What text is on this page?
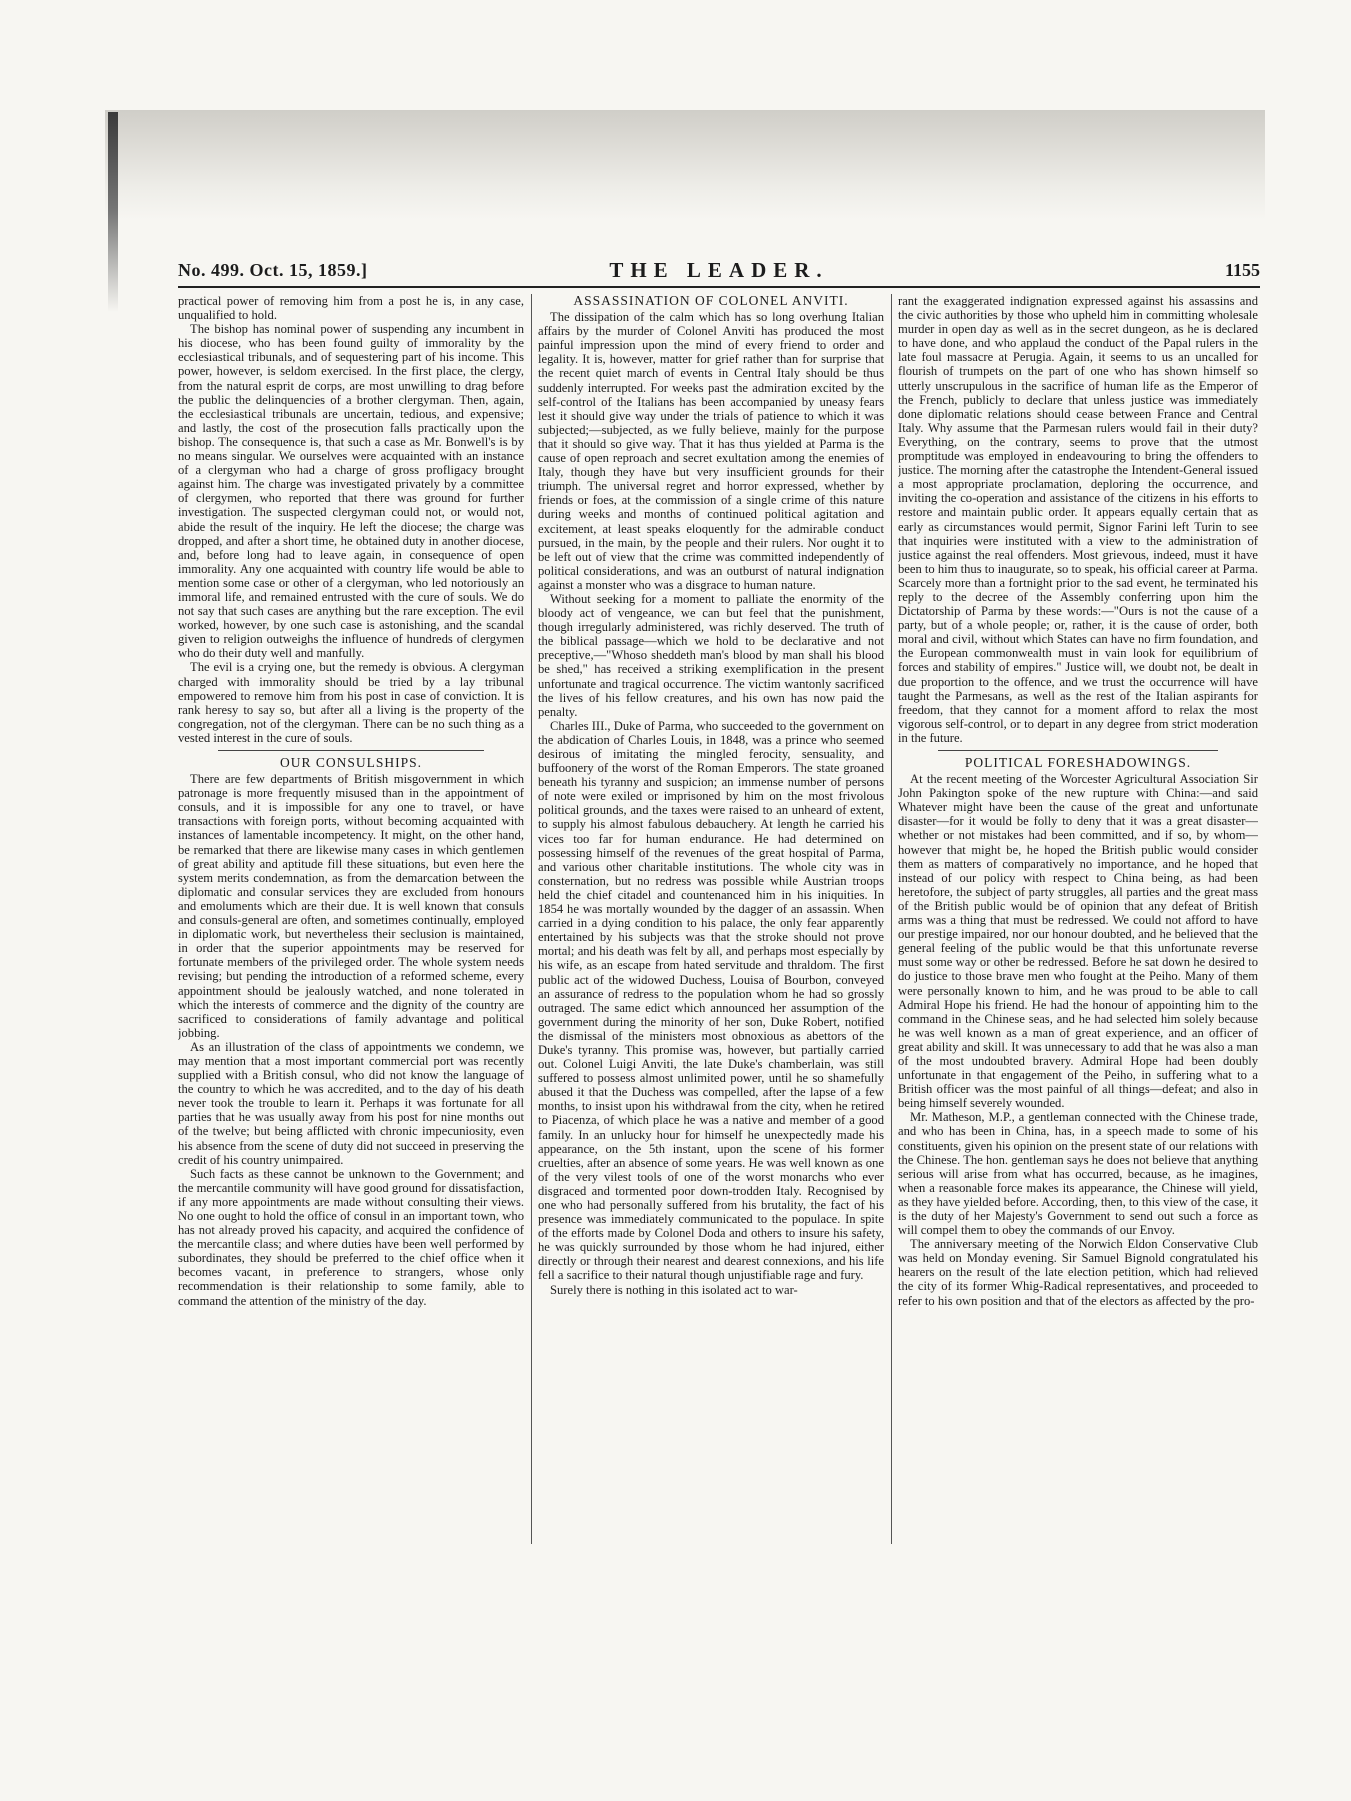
No. 499. Oct. 15, 1859.]	THE LEADER.	1155

practical power of removing him from a post he is, in any case, unqualified to hold.

The bishop has nominal power of suspending any incumbent in his diocese, who has been found guilty of immorality by the ecclesiastical tribunals, and of sequestering part of his income. This power, however, is seldom exercised. In the first place, the clergy, from the natural esprit de corps, are most unwilling to drag before the public the delinquencies of a brother clergyman. Then, again, the ecclesiastical tribunals are uncertain, tedious, and expensive; and lastly, the cost of the prosecution falls practically upon the bishop. The consequence is, that such a case as Mr. Bonwell's is by no means singular. We ourselves were acquainted with an instance of a clergyman who had a charge of gross profligacy brought against him. The charge was investigated privately by a committee of clergymen, who reported that there was ground for further investigation. The suspected clergyman could not, or would not, abide the result of the inquiry. He left the diocese; the charge was dropped, and after a short time, he obtained duty in another diocese, and, before long had to leave again, in consequence of open immorality. Any one acquainted with country life would be able to mention some case or other of a clergyman, who led notoriously an immoral life, and remained entrusted with the cure of souls. We do not say that such cases are anything but the rare exception. The evil worked, however, by one such case is astonishing, and the scandal given to religion outweighs the influence of hundreds of clergymen who do their duty well and manfully.

The evil is a crying one, but the remedy is obvious. A clergyman charged with immorality should be tried by a lay tribunal empowered to remove him from his post in case of conviction. It is rank heresy to say so, but after all a living is the property of the congregation, not of the clergyman. There can be no such thing as a vested interest in the cure of souls.

OUR CONSULSHIPS.

There are few departments of British misgovernment in which patronage is more frequently misused than in the appointment of consuls, and it is impossible for any one to travel, or have transactions with foreign ports, without becoming acquainted with instances of lamentable incompetency. It might, on the other hand, be remarked that there are likewise many cases in which gentlemen of great ability and aptitude fill these situations, but even here the system merits condemnation, as from the demarcation between the diplomatic and consular services they are excluded from honours and emoluments which are their due. It is well known that consuls and consuls-general are often, and sometimes continually, employed in diplomatic work, but nevertheless their seclusion is maintained, in order that the superior appointments may be reserved for fortunate members of the privileged order. The whole system needs revising; but pending the introduction of a reformed scheme, every appointment should be jealously watched, and none tolerated in which the interests of commerce and the dignity of the country are sacrificed to considerations of family advantage and political jobbing.

As an illustration of the class of appointments we condemn, we may mention that a most important commercial port was recently supplied with a British consul, who did not know the language of the country to which he was accredited, and to the day of his death never took the trouble to learn it. Perhaps it was fortunate for all parties that he was usually away from his post for nine months out of the twelve; but being afflicted with chronic impecuniosity, even his absence from the scene of duty did not succeed in preserving the credit of his country unimpaired.

Such facts as these cannot be unknown to the Government; and the mercantile community will have good ground for dissatisfaction, if any more appointments are made without consulting their views. No one ought to hold the office of consul in an important town, who has not already proved his capacity, and acquired the confidence of the mercantile class; and where duties have been well performed by subordinates, they should be preferred to the chief office when it becomes vacant, in preference to strangers, whose only recommendation is their relationship to some family, able to command the attention of the ministry of the day.

ASSASSINATION OF COLONEL ANVITI.

The dissipation of the calm which has so long overhung Italian affairs by the murder of Colonel Anviti has produced the most painful impression upon the mind of every friend to order and legality. It is, however, matter for grief rather than for surprise that the recent quiet march of events in Central Italy should be thus suddenly interrupted. For weeks past the admiration excited by the self-control of the Italians has been accompanied by uneasy fears lest it should give way under the trials of patience to which it was subjected;—subjected, as we fully believe, mainly for the purpose that it should so give way. That it has thus yielded at Parma is the cause of open reproach and secret exultation among the enemies of Italy, though they have but very insufficient grounds for their triumph. The universal regret and horror expressed, whether by friends or foes, at the commission of a single crime of this nature during weeks and months of continued political agitation and excitement, at least speaks eloquently for the admirable conduct pursued, in the main, by the people and their rulers. Nor ought it to be left out of view that the crime was committed independently of political considerations, and was an outburst of natural indignation against a monster who was a disgrace to human nature.

Without seeking for a moment to palliate the enormity of the bloody act of vengeance, we can but feel that the punishment, though irregularly administered, was richly deserved. The truth of the biblical passage—which we hold to be declarative and not preceptive,—"Whoso sheddeth man's blood by man shall his blood be shed," has received a striking exemplification in the present unfortunate and tragical occurrence. The victim wantonly sacrificed the lives of his fellow creatures, and his own has now paid the penalty.

Charles III., Duke of Parma, who succeeded to the government on the abdication of Charles Louis, in 1848, was a prince who seemed desirous of imitating the mingled ferocity, sensuality, and buffoonery of the worst of the Roman Emperors. The state groaned beneath his tyranny and suspicion; an immense number of persons of note were exiled or imprisoned by him on the most frivolous political grounds, and the taxes were raised to an unheard of extent, to supply his almost fabulous debauchery. At length he carried his vices too far for human endurance. He had determined on possessing himself of the revenues of the great hospital of Parma, and various other charitable institutions. The whole city was in consternation, but no redress was possible while Austrian troops held the chief citadel and countenanced him in his iniquities. In 1854 he was mortally wounded by the dagger of an assassin. When carried in a dying condition to his palace, the only fear apparently entertained by his subjects was that the stroke should not prove mortal; and his death was felt by all, and perhaps most especially by his wife, as an escape from hated servitude and thraldom. The first public act of the widowed Duchess, Louisa of Bourbon, conveyed an assurance of redress to the population whom he had so grossly outraged. The same edict which announced her assumption of the government during the minority of her son, Duke Robert, notified the dismissal of the ministers most obnoxious as abettors of the Duke's tyranny. This promise was, however, but partially carried out. Colonel Luigi Anviti, the late Duke's chamberlain, was still suffered to possess almost unlimited power, until he so shamefully abused it that the Duchess was compelled, after the lapse of a few months, to insist upon his withdrawal from the city, when he retired to Piacenza, of which place he was a native and member of a good family. In an unlucky hour for himself he unexpectedly made his appearance, on the 5th instant, upon the scene of his former cruelties, after an absence of some years. He was well known as one of the very vilest tools of one of the worst monarchs who ever disgraced and tormented poor down-trodden Italy. Recognised by one who had personally suffered from his brutality, the fact of his presence was immediately communicated to the populace. In spite of the efforts made by Colonel Doda and others to insure his safety, he was quickly surrounded by those whom he had injured, either directly or through their nearest and dearest connexions, and his life fell a sacrifice to their natural though unjustifiable rage and fury.

Surely there is nothing in this isolated act to war-

rant the exaggerated indignation expressed against his assassins and the civic authorities by those who upheld him in committing wholesale murder in open day as well as in the secret dungeon, as he is declared to have done, and who applaud the conduct of the Papal rulers in the late foul massacre at Perugia. Again, it seems to us an uncalled for flourish of trumpets on the part of one who has shown himself so utterly unscrupulous in the sacrifice of human life as the Emperor of the French, publicly to declare that unless justice was immediately done diplomatic relations should cease between France and Central Italy. Why assume that the Parmesan rulers would fail in their duty? Everything, on the contrary, seems to prove that the utmost promptitude was employed in endeavouring to bring the offenders to justice. The morning after the catastrophe the Intendent-General issued a most appropriate proclamation, deploring the occurrence, and inviting the co-operation and assistance of the citizens in his efforts to restore and maintain public order. It appears equally certain that as early as circumstances would permit, Signor Farini left Turin to see that inquiries were instituted with a view to the administration of justice against the real offenders. Most grievous, indeed, must it have been to him thus to inaugurate, so to speak, his official career at Parma. Scarcely more than a fortnight prior to the sad event, he terminated his reply to the decree of the Assembly conferring upon him the Dictatorship of Parma by these words:—"Ours is not the cause of a party, but of a whole people; or, rather, it is the cause of order, both moral and civil, without which States can have no firm foundation, and the European commonwealth must in vain look for equilibrium of forces and stability of empires." Justice will, we doubt not, be dealt in due proportion to the offence, and we trust the occurrence will have taught the Parmesans, as well as the rest of the Italian aspirants for freedom, that they cannot for a moment afford to relax the most vigorous self-control, or to depart in any degree from strict moderation in the future.

POLITICAL FORESHADOWINGS.

At the recent meeting of the Worcester Agricultural Association Sir John Pakington spoke of the new rupture with China:—and said Whatever might have been the cause of the great and unfortunate disaster—for it would be folly to deny that it was a great disaster—whether or not mistakes had been committed, and if so, by whom—however that might be, he hoped the British public would consider them as matters of comparatively no importance, and he hoped that instead of our policy with respect to China being, as had been heretofore, the subject of party struggles, all parties and the great mass of the British public would be of opinion that any defeat of British arms was a thing that must be redressed. We could not afford to have our prestige impaired, nor our honour doubted, and he believed that the general feeling of the public would be that this unfortunate reverse must some way or other be redressed. Before he sat down he desired to do justice to those brave men who fought at the Peiho. Many of them were personally known to him, and he was proud to be able to call Admiral Hope his friend. He had the honour of appointing him to the command in the Chinese seas, and he had selected him solely because he was well known as a man of great experience, and an officer of great ability and skill. It was unnecessary to add that he was also a man of the most undoubted bravery. Admiral Hope had been doubly unfortunate in that engagement of the Peiho, in suffering what to a British officer was the most painful of all things—defeat; and also in being himself severely wounded.

Mr. Matheson, M.P., a gentleman connected with the Chinese trade, and who has been in China, has, in a speech made to some of his constituents, given his opinion on the present state of our relations with the Chinese. The hon. gentleman says he does not believe that anything serious will arise from what has occurred, because, as he imagines, when a reasonable force makes its appearance, the Chinese will yield, as they have yielded before. According, then, to this view of the case, it is the duty of her Majesty's Government to send out such a force as will compel them to obey the commands of our Envoy.

The anniversary meeting of the Norwich Eldon Conservative Club was held on Monday evening. Sir Samuel Bignold congratulated his hearers on the result of the late election petition, which had relieved the city of its former Whig-Radical representatives, and proceeded to refer to his own position and that of the electors as affected by the pro-
